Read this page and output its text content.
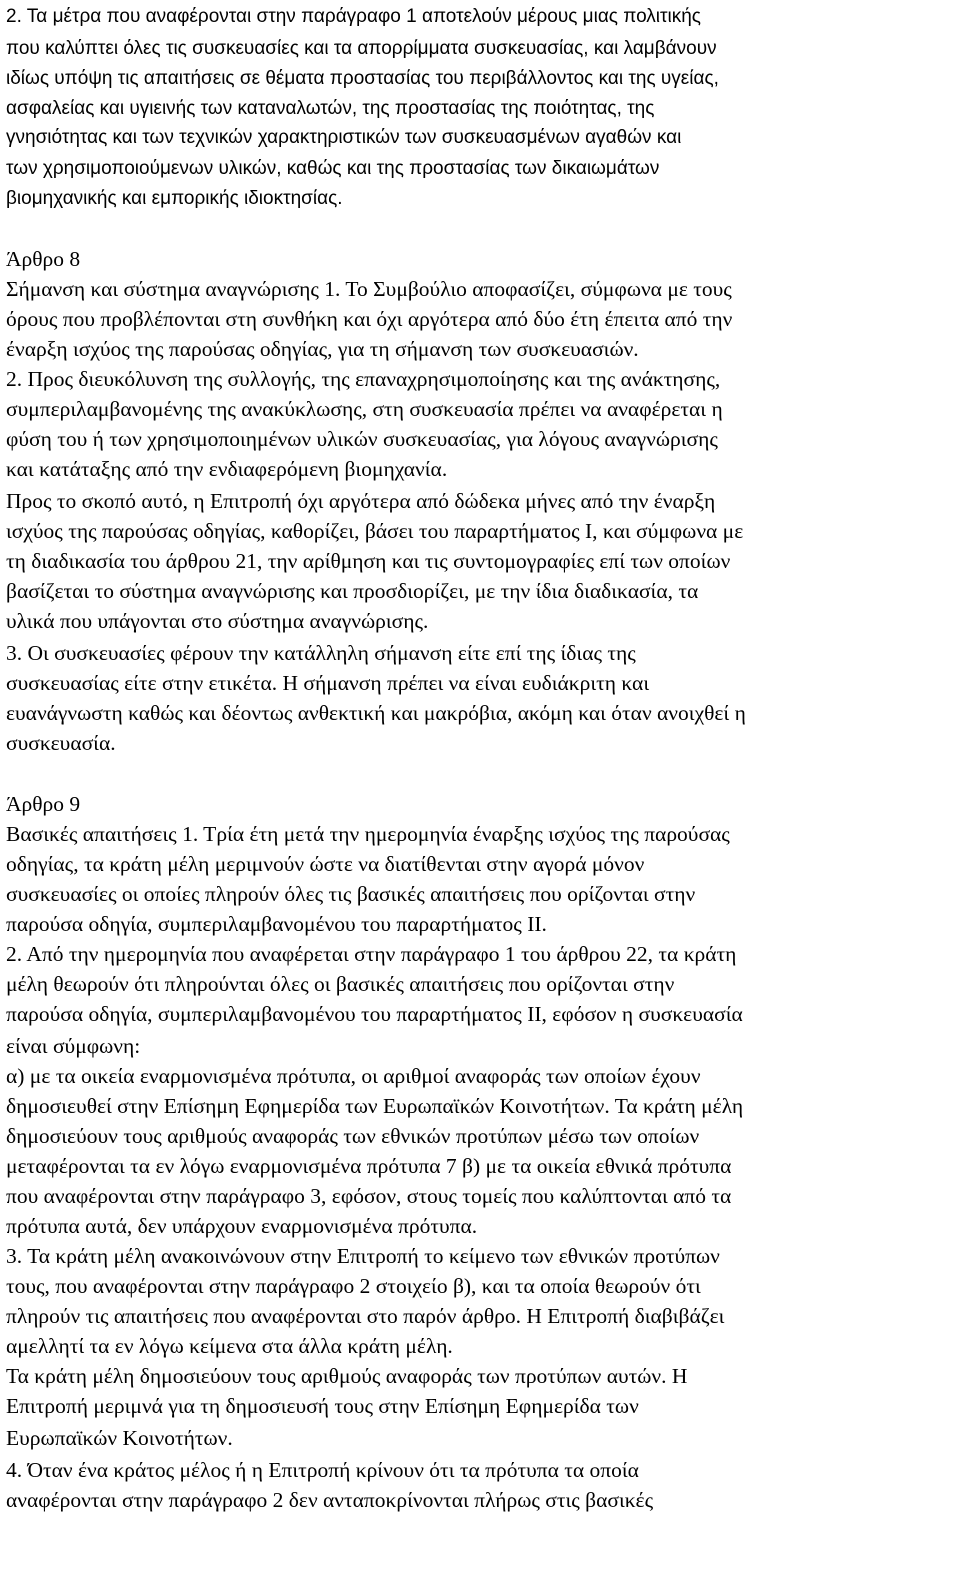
2. Τα μέτρα που αναφέρονται στην παράγραφο 1 αποτελούν μέρους μιας πολιτικής
που καλύπτει όλες τις συσκευασίες και τα απορρίμματα συσκευασίας, και λαμβάνουν
ιδίως υπόψη τις απαιτήσεις σε θέματα προστασίας του περιβάλλοντος και της υγείας,
ασφαλείας και υγιεινής των καταναλωτών, της προστασίας της ποιότητας, της
γνησιότητας και των τεχνικών χαρακτηριστικών των συσκευασμένων αγαθών και
των χρησιμοποιούμενων υλικών, καθώς και της προστασίας των δικαιωμάτων
βιομηχανικής και εμπορικής ιδιοκτησίας.
Άρθρο 8
Σήμανση και σύστημα αναγνώρισης 1. Το Συμβούλιο αποφασίζει, σύμφωνα με τους
όρους που προβλέπονται στη συνθήκη και όχι αργότερα από δύο έτη έπειτα από την
έναρξη ισχύος της παρούσας οδηγίας, για τη σήμανση των συσκευασιών.
2. Προς διευκόλυνση της συλλογής, της επαναχρησιμοποίησης και της ανάκτησης,
συμπεριλαμβανομένης της ανακύκλωσης, στη συσκευασία πρέπει να αναφέρεται η
φύση του ή των χρησιμοποιημένων υλικών συσκευασίας, για λόγους αναγνώρισης
και κατάταξης από την ενδιαφερόμενη βιομηχανία.
Προς το σκοπό αυτό, η Επιτροπή όχι αργότερα από δώδεκα μήνες από την έναρξη
ισχύος της παρούσας οδηγίας, καθορίζει, βάσει του παραρτήματος Ι, και σύμφωνα με
τη διαδικασία του άρθρου 21, την αρίθμηση και τις συντομογραφίες επί των οποίων
βασίζεται το σύστημα αναγνώρισης και προσδιορίζει, με την ίδια διαδικασία, τα
υλικά που υπάγονται στο σύστημα αναγνώρισης.
3. Οι συσκευασίες φέρουν την κατάλληλη σήμανση είτε επί της ίδιας της
συσκευασίας είτε στην ετικέτα. Η σήμανση πρέπει να είναι ευδιάκριτη και
ευανάγνωστη καθώς και δέοντως ανθεκτική και μακρόβια, ακόμη και όταν ανοιχθεί η
συσκευασία.
Άρθρο 9
Βασικές απαιτήσεις 1. Τρία έτη μετά την ημερομηνία έναρξης ισχύος της παρούσας
οδηγίας, τα κράτη μέλη μεριμνούν ώστε να διατίθενται στην αγορά μόνον
συσκευασίες οι οποίες πληρούν όλες τις βασικές απαιτήσεις που ορίζονται στην
παρούσα οδηγία, συμπεριλαμβανομένου του παραρτήματος ΙΙ.
2. Από την ημερομηνία που αναφέρεται στην παράγραφο 1 του άρθρου 22, τα κράτη
μέλη θεωρούν ότι πληρούνται όλες οι βασικές απαιτήσεις που ορίζονται στην
παρούσα οδηγία, συμπεριλαμβανομένου του παραρτήματος ΙΙ, εφόσον η συσκευασία
είναι σύμφωνη:
α) με τα οικεία εναρμονισμένα πρότυπα, οι αριθμοί αναφοράς των οποίων έχουν
δημοσιευθεί στην Επίσημη Εφημερίδα των Ευρωπαϊκών Κοινοτήτων. Τα κράτη μέλη
δημοσιεύουν τους αριθμούς αναφοράς των εθνικών προτύπων μέσω των οποίων
μεταφέρονται τα εν λόγω εναρμονισμένα πρότυπα 7 β) με τα οικεία εθνικά πρότυπα
που αναφέρονται στην παράγραφο 3, εφόσον, στους τομείς που καλύπτονται από τα
πρότυπα αυτά, δεν υπάρχουν εναρμονισμένα πρότυπα.
3. Τα κράτη μέλη ανακοινώνουν στην Επιτροπή το κείμενο των εθνικών προτύπων
τους, που αναφέρονται στην παράγραφο 2 στοιχείο β), και τα οποία θεωρούν ότι
πληρούν τις απαιτήσεις που αναφέρονται στο παρόν άρθρο. Η Επιτροπή διαβιβάζει
αμελλητί τα εν λόγω κείμενα στα άλλα κράτη μέλη.
Τα κράτη μέλη δημοσιεύουν τους αριθμούς αναφοράς των προτύπων αυτών. Η
Επιτροπή μεριμνά για τη δημοσιευσή τους στην Επίσημη Εφημερίδα των
Ευρωπαϊκών Κοινοτήτων.
4. Όταν ένα κράτος μέλος ή η Επιτροπή κρίνουν ότι τα πρότυπα τα οποία
αναφέρονται στην παράγραφο 2 δεν ανταποκρίνονται πλήρως στις βασικές
